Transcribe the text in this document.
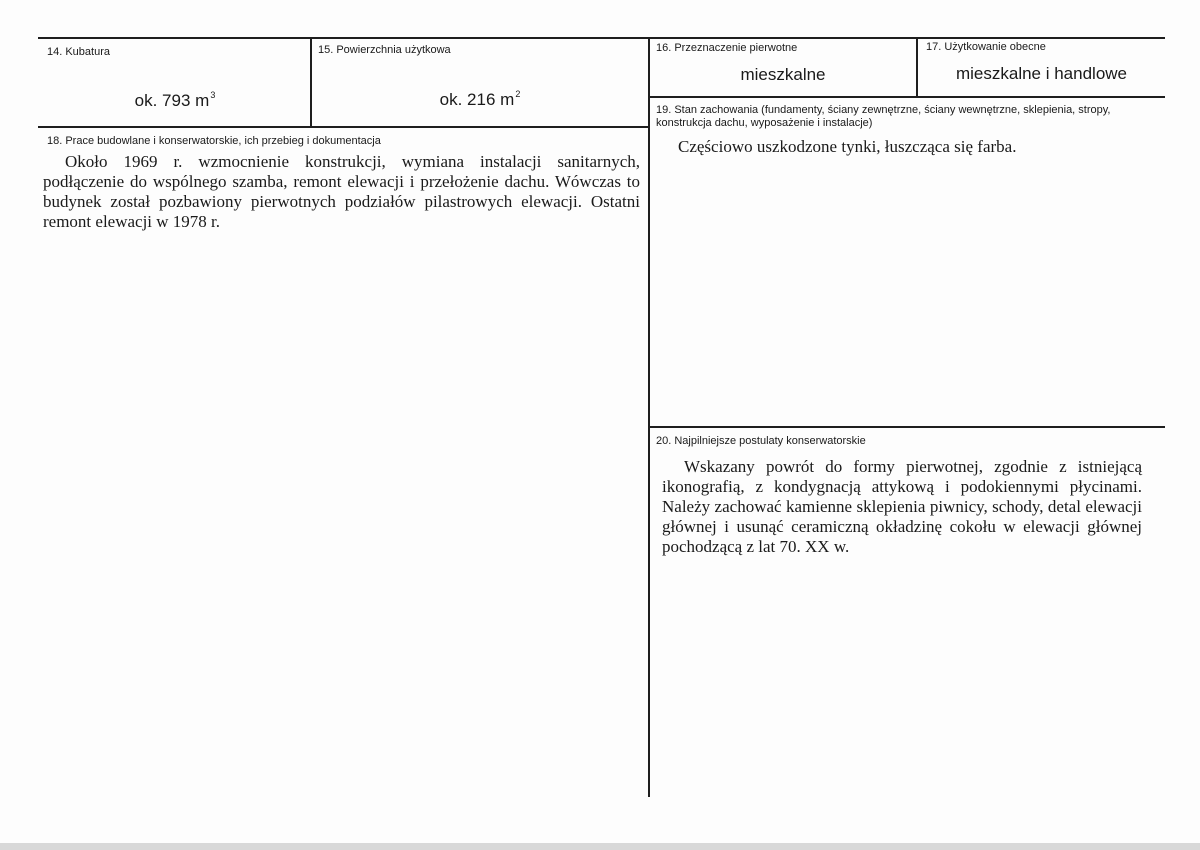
14. Kubatura
ok. 793 $m^3$
15. Powierzchnia użytkowa
ok. 216 $m^2$
16. Przeznaczenie pierwotne
mieszkalne
17. Użytkowanie obecne
mieszkalne i handlowe
18. Prace budowlane i konserwatorskie, ich przebieg i dokumentacja
Około 1969 r. wzmocnienie konstrukcji, wymiana instalacji sanitarnych, podłączenie do wspólnego szamba, remont elewacji i przełożenie dachu. Wówczas to budynek został pozbawiony pierwotnych podziałów pilastrowych elewacji. Ostatni remont elewacji w 1978 r.
19. Stan zachowania (fundamenty, ściany zewnętrzne, ściany wewnętrzne, sklepienia, stropy, konstrukcja dachu, wyposażenie i instalacje)
Częściowo uszkodzone tynki, łuszcząca się farba.
20. Najpilniejsze postulaty konserwatorskie
Wskazany powrót do formy pierwotnej, zgodnie z istniejącą ikonografią, z kondygnacją attykową i podokiennymi płycinami. Należy zachować kamienne sklepienia piwnicy, schody, detal elewacji głównej i usunąć ceramiczną okładzinę cokołu w elewacji głównej pochodzącą z lat 70. XX w.
